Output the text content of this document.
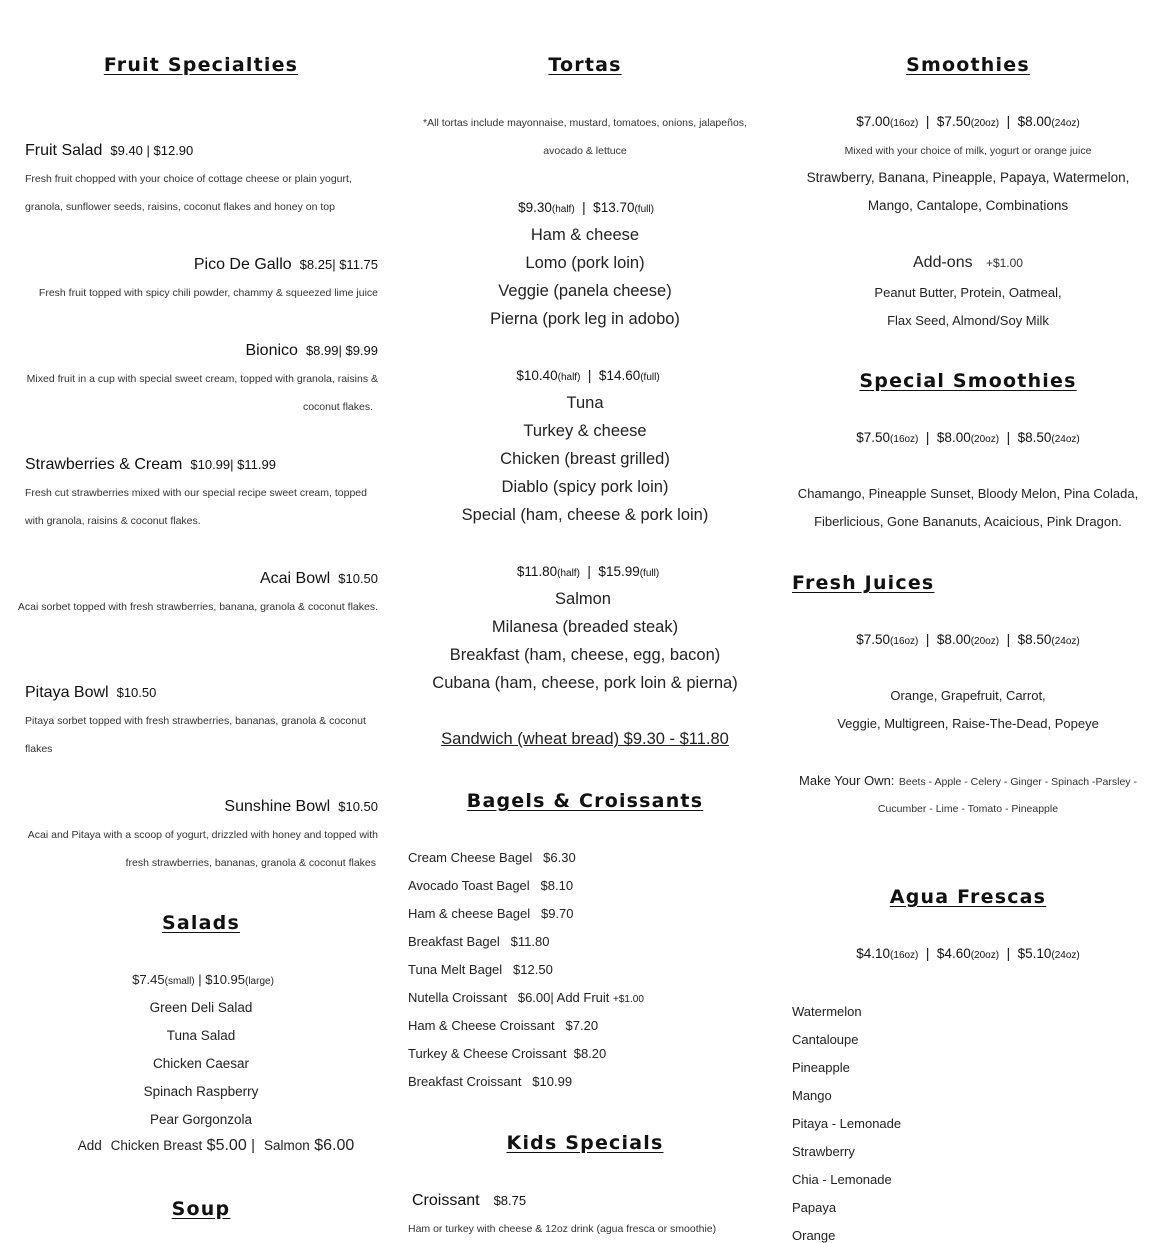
Fruit Specialties
Fruit Salad $9.40 | $12.90
Fresh fruit chopped with your choice of cottage cheese or plain yogurt,
granola, sunflower seeds, raisins, coconut flakes and honey on top
Pico De Gallo $8.25| $11.75
Fresh fruit topped with spicy chili powder, chammy & squeezed lime juice
Bionico $8.99| $9.99
Mixed fruit in a cup with special sweet cream, topped with granola, raisins &
coconut flakes.
Strawberries & Cream $10.99| $11.99
Fresh cut strawberries mixed with our special recipe sweet cream, topped
with granola, raisins & coconut flakes.
Acai Bowl $10.50
Acai sorbet topped with fresh strawberries, banana, granola & coconut flakes.
Pitaya Bowl $10.50
Pitaya sorbet topped with fresh strawberries, bananas, granola & coconut
flakes
Sunshine Bowl $10.50
Acai and Pitaya with a scoop of yogurt, drizzled with honey and topped with
fresh strawberries, bananas, granola & coconut flakes
Salads
$7.45(small) | $10.95(large)
Green Deli Salad
Tuna Salad
Chicken Caesar
Spinach Raspberry
Pear Gorgonzola
Add Chicken Breast $5.00 | Salmon $6.00
Soup
Tortas
*All tortas include mayonnaise, mustard, tomatoes, onions, jalapeños,
avocado & lettuce
$9.30(half)  |  $13.70(full)
Ham & cheese
Lomo (pork loin)
Veggie (panela cheese)
Pierna (pork leg in adobo)
$10.40(half)  |  $14.60(full)
Tuna
Turkey & cheese
Chicken (breast grilled)
Diablo (spicy pork loin)
Special (ham, cheese & pork loin)
$11.80(half)  |  $15.99(full)
Salmon
Milanesa (breaded steak)
Breakfast (ham, cheese, egg, bacon)
Cubana (ham, cheese, pork loin & pierna)
Sandwich (wheat bread) $9.30 - $11.80
Bagels & Croissants
Cream Cheese Bagel $6.30
Avocado Toast Bagel $8.10
Ham & cheese Bagel $9.70
Breakfast Bagel $11.80
Tuna Melt Bagel $12.50
Nutella Croissant $6.00| Add Fruit +$1.00
Ham & Cheese Croissant $7.20
Turkey & Cheese Croissant $8.20
Breakfast Croissant $10.99
Kids Specials
Croissant $8.75
Ham or turkey with cheese & 12oz drink (agua fresca or smoothie)
Smoothies
$7.00(16oz)  |  $7.50(20oz)  |  $8.00(24oz)
Mixed with your choice of milk, yogurt or orange juice
Strawberry, Banana, Pineapple, Papaya, Watermelon,
Mango, Cantalope, Combinations
Add-ons +$1.00
Peanut Butter, Protein, Oatmeal,
Flax Seed, Almond/Soy Milk
Special Smoothies
$7.50(16oz)  |  $8.00(20oz)  |  $8.50(24oz)
Chamango, Pineapple Sunset, Bloody Melon, Pina Colada,
Fiberlicious, Gone Bananuts, Acaicious, Pink Dragon.
Fresh Juices
$7.50(16oz)  |  $8.00(20oz)  |  $8.50(24oz)
Orange, Grapefruit, Carrot,
Veggie, Multigreen, Raise-The-Dead, Popeye
Make Your Own: Beets - Apple - Celery - Ginger - Spinach -Parsley -
Cucumber - Lime - Tomato - Pineapple
Agua Frescas
$4.10(16oz)  |  $4.60(20oz)  |  $5.10(24oz)
Watermelon
Cantaloupe
Pineapple
Mango
Pitaya - Lemonade
Strawberry
Chia - Lemonade
Papaya
Orange
